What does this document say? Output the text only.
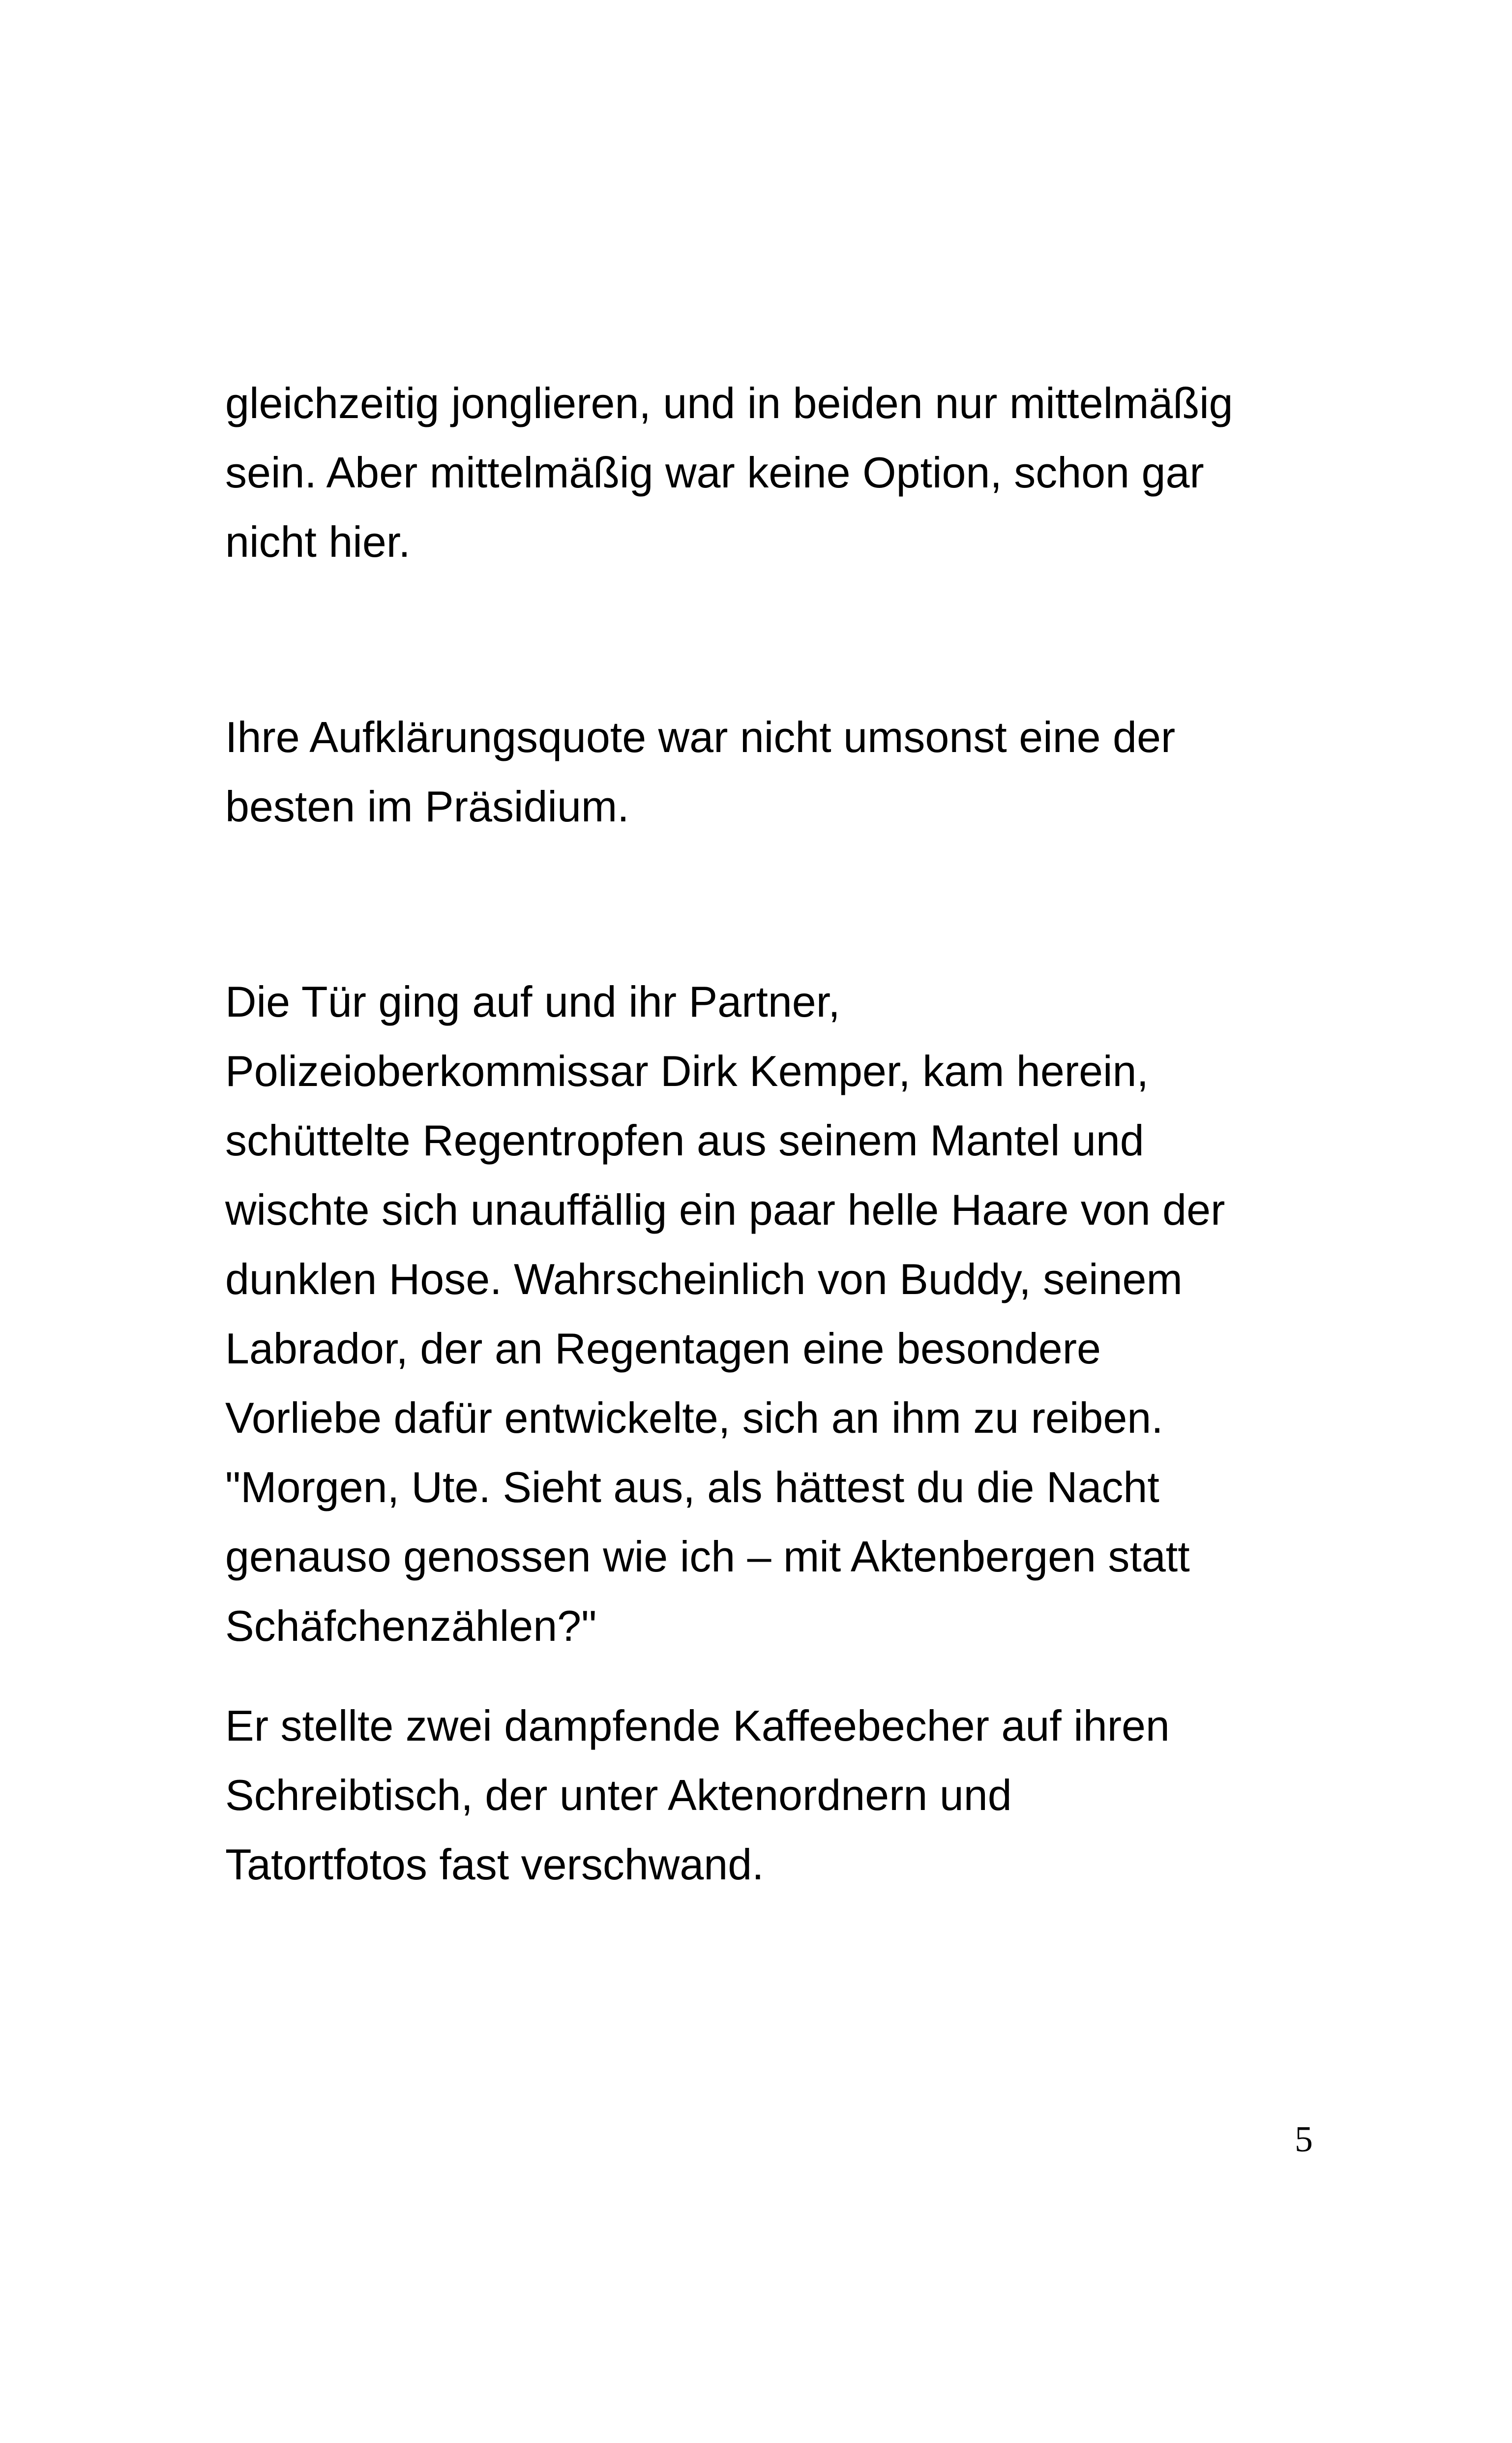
gleichzeitig jonglieren, und in beiden nur mittelmäßig
sein. Aber mittelmäßig war keine Option, schon gar
nicht hier.

Ihre Aufklärungsquote war nicht umsonst eine der
besten im Präsidium.

Die Tür ging auf und ihr Partner,
Polizeioberkommissar Dirk Kemper, kam herein,
schüttelte Regentropfen aus seinem Mantel und
wischte sich unauffällig ein paar helle Haare von der
dunklen Hose. Wahrscheinlich von Buddy, seinem
Labrador, der an Regentagen eine besondere
Vorliebe dafür entwickelte, sich an ihm zu reiben.
"Morgen, Ute. Sieht aus, als hättest du die Nacht
genauso genossen wie ich – mit Aktenbergen statt
Schäfchenzählen?"

Er stellte zwei dampfende Kaffeebecher auf ihren
Schreibtisch, der unter Aktenordnern und
Tatortfotos fast verschwand.

5
